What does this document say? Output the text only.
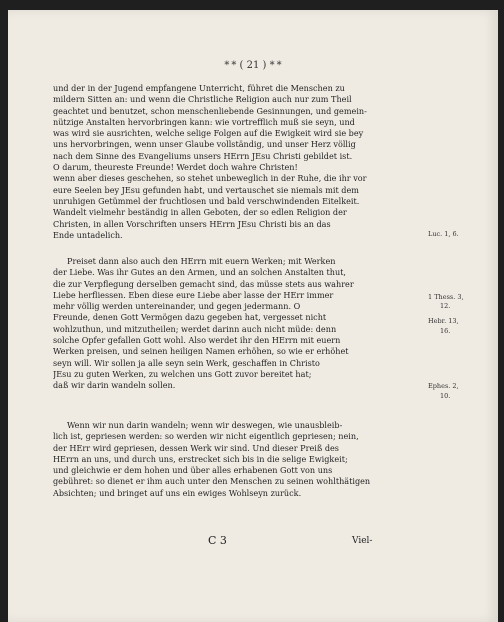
* * ( 21 ) * *
und der in der Jugend empfangene Unterricht, führet die Menschen zu
mildern Sitten an: und wenn die Christliche Religion auch nur zum Theil
geachtet und benutzet, schon menschenliebende Gesinnungen, und gemein-
nützige Anstalten hervorbringen kann: wie vortrefflich muß sie seyn, und
was wird sie ausrichten, welche selige Folgen auf die Ewigkeit wird sie bey
uns hervorbringen, wenn unser Glaube vollständig, und unser Herz völlig
nach dem Sinne des Evangeliums unsers HErrn JEsu Christi gebildet ist.
O darum, theureste Freunde! Werdet doch wahre Christen!
wenn aber dieses geschehen, so stehet unbeweglich in der Ruhe, die ihr vor
eure Seelen bey JEsu gefunden habt, und vertauschet sie niemals mit dem
unruhigen Getümmel der fruchtlosen und bald verschwindenden Eitelkeit.
Wandelt vielmehr beständig in allen Geboten, der so edlen Religion der
Christen, in allen Vorschriften unsers HErrn JEsu Christi bis an das
Ende untadelich.
Preiset dann also auch den HErrn mit euern Werken; mit Werken
der Liebe. Was ihr Gutes an den Armen, und an solchen Anstalten thut,
die zur Verpflegung derselben gemacht sind, das müsse stets aus wahrer
Liebe herfliessen. Eben diese eure Liebe aber lasse der HErr immer
mehr völlig werden untereinander, und gegen jedermann. O
Freunde, denen Gott Vermögen dazu gegeben hat, vergesset nicht
wohlzuthun, und mitzutheilen; werdet darinn auch nicht müde: denn
solche Opfer gefallen Gott wohl. Also werdet ihr den HErrn mit euern
Werken preisen, und seinen heiligen Namen erhöhen, so wie er erhöhet
seyn will. Wir sollen ja alle seyn sein Werk, geschaffen in Christo
JEsu zu guten Werken, zu welchen uns Gott zuvor bereitet hat;
daß wir darin wandeln sollen.
Wenn wir nun darin wandeln; wenn wir deswegen, wie unausbleib-
lich ist, gepriesen werden: so werden wir nicht eigentlich gepriesen; nein,
der HErr wird gepriesen, dessen Werk wir sind. Und dieser Preiß des
HErrn an uns, und durch uns, erstrecket sich bis in die selige Ewigkeit;
und gleichwie er dem hohen und über alles erhabenen Gott von uns
gebühret: so dienet er ihm auch unter den Menschen zu seinen wohlthätigen
Absichten; und bringet auf uns ein ewiges Wohlseyn zurück.
Luc. 1, 6.
1 Thess. 3,
12.
Hebr. 13,
16.
Ephes. 2,
10.
C 3	Viel-
